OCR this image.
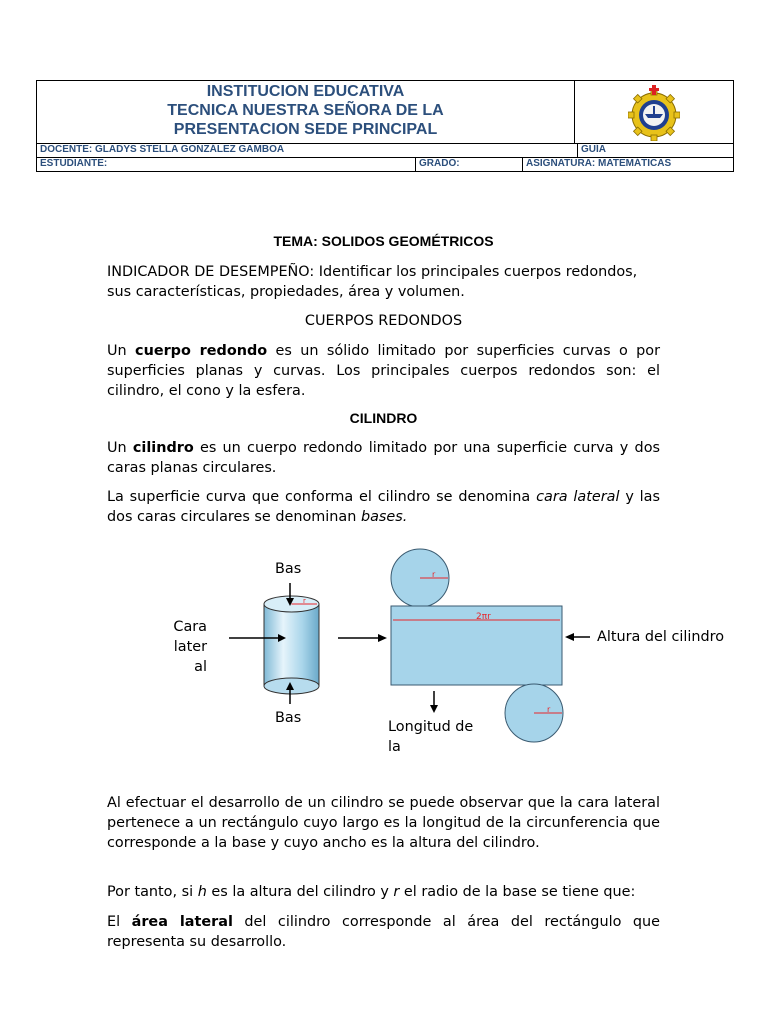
INSTITUCION EDUCATIVA
TECNICA NUESTRA SEÑORA DE LA
PRESENTACION SEDE PRINCIPAL
DOCENTE: GLADYS STELLA GONZÁLEZ GAMBOA	GUÍA
ESTUDIANTE:	GRADO:	ASIGNATURA: MATEMÁTICAS
TEMA: SOLIDOS GEOMÉTRICOS
INDICADOR DE DESEMPEÑO: Identificar los principales cuerpos redondos, sus características, propiedades, área y volumen.
CUERPOS REDONDOS

Un cuerpo redondo es un sólido limitado por superficies curvas o por superficies planas y curvas. Los principales cuerpos redondos son: el cilindro, el cono y la esfera.

CILINDRO

Un cilindro es un cuerpo redondo limitado por una superficie curva y dos caras planas circulares.

La superficie curva que conforma el cilindro se denomina cara lateral y las dos caras circulares se denominan bases.

2πr
r
r
r
Bas
Bas
Cara
later
al
Altura del cilindro
Longitud de
la

Al efectuar el desarrollo de un cilindro se puede observar que la cara lateral pertenece a un rectángulo cuyo largo es la longitud de la circunferencia que corresponde a la base y cuyo ancho es la altura del cilindro.

Por tanto, si h es la altura del cilindro y r el radio de la base se tiene que:

El área lateral del cilindro corresponde al área del rectángulo que representa su desarrollo.
